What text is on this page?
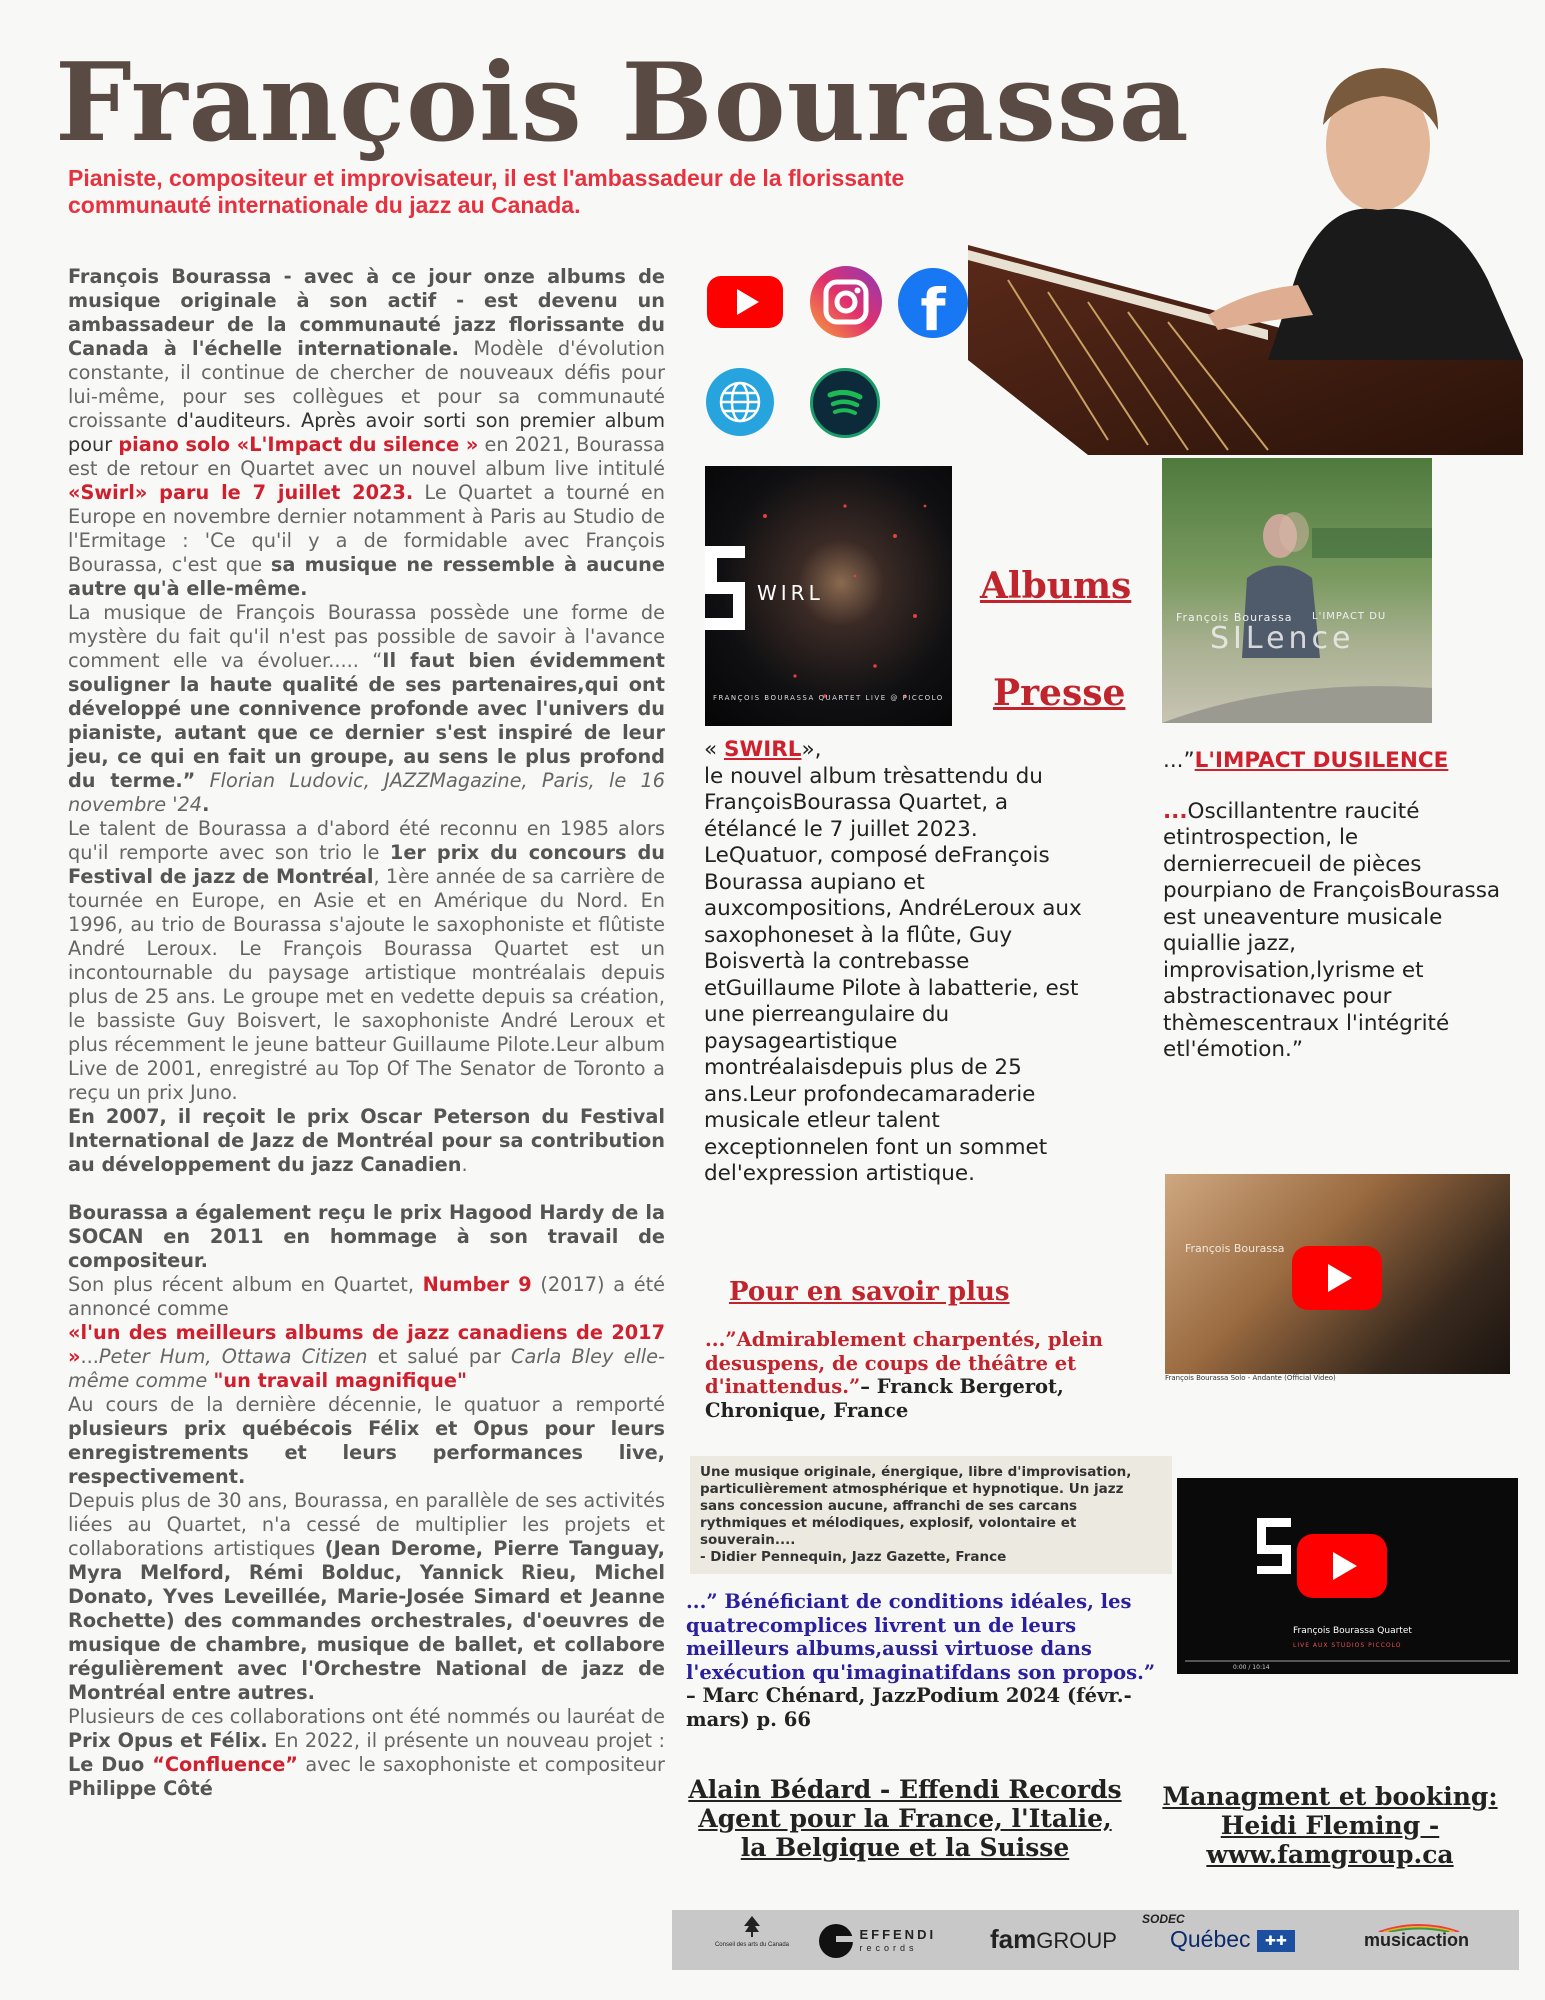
François Bourassa

Pianiste, compositeur et improvisateur, il est l'ambassadeur de la florissante communauté internationale du jazz au Canada.

François Bourassa - avec à ce jour onze albums de musique originale à son actif - est devenu un ambassadeur de la communauté jazz florissante du Canada à l'échelle internationale. Modèle d'évolution constante, il continue de chercher de nouveaux défis pour lui-même, pour ses collègues et pour sa communauté croissante d'auditeurs. Après avoir sorti son premier album pour piano solo «L'Impact du silence » en 2021, Bourassa est de retour en Quartet avec un nouvel album live intitulé «Swirl» paru le 7 juillet 2023. Le Quartet a tourné en Europe en novembre dernier notamment à Paris au Studio de l'Ermitage : 'Ce qu'il y a de formidable avec François Bourassa, c'est que sa musique ne ressemble à aucune autre qu'à elle-même.

La musique de François Bourassa possède une forme de mystère du fait qu'il n'est pas possible de savoir à l'avance comment elle va évoluer..... “Il faut bien évidemment souligner la haute qualité de ses partenaires,qui ont développé une connivence profonde avec l'univers du pianiste, autant que ce dernier s'est inspiré de leur jeu, ce qui en fait un groupe, au sens le plus profond du terme.” Florian Ludovic, JAZZMagazine, Paris, le 16 novembre '24.

Le talent de Bourassa a d'abord été reconnu en 1985 alors qu'il remporte avec son trio le 1er prix du concours du Festival de jazz de Montréal, 1ère année de sa carrière de tournée en Europe, en Asie et en Amérique du Nord. En 1996, au trio de Bourassa s'ajoute le saxophoniste et flûtiste André Leroux. Le François Bourassa Quartet est un incontournable du paysage artistique montréalais depuis plus de 25 ans. Le groupe met en vedette depuis sa création, le bassiste Guy Boisvert, le saxophoniste André Leroux et plus récemment le jeune batteur Guillaume Pilote.Leur album Live de 2001, enregistré au Top Of The Senator de Toronto a reçu un prix Juno.

En 2007, il reçoit le prix Oscar Peterson du Festival International de Jazz de Montréal pour sa contribution au développement du jazz Canadien.

Bourassa a également reçu le prix Hagood Hardy de la SOCAN en 2011 en hommage à son travail de compositeur.

Son plus récent album en Quartet, Number 9 (2017) a été annoncé comme

«l'un des meilleurs albums de jazz canadiens de 2017 »...Peter Hum, Ottawa Citizen et salué par Carla Bley elle-même comme "un travail magnifique"

Au cours de la dernière décennie, le quatuor a remporté plusieurs prix québécois Félix et Opus pour leurs enregistrements et leurs performances live, respectivement.

Depuis plus de 30 ans, Bourassa, en parallèle de ses activités liées au Quartet, n'a cessé de multiplier les projets et collaborations artistiques (Jean Derome, Pierre Tanguay, Myra Melford, Rémi Bolduc, Yannick Rieu, Michel Donato, Yves Leveillée, Marie-Josée Simard et Jeanne Rochette) des commandes orchestrales, d'oeuvres de musique de chambre, musique de ballet, et collabore régulièrement avec l'Orchestre National de jazz de Montréal entre autres.

Plusieurs de ces collaborations ont été nommés ou lauréat de Prix Opus et Félix. En 2022, il présente un nouveau projet : Le Duo “Confluence” avec le saxophoniste et compositeur Philippe Côté

f
WIRL
FRANÇOIS BOURASSA QUARTET LIVE @ PICCOLO
François Bourassa L'IMPACT DU
SILence
Albums
Presse
« SWIRL»,
le nouvel album trèsattendu du FrançoisBourassa Quartet, a étélancé le 7 juillet 2023. LeQuatuor, composé deFrançois Bourassa aupiano et auxcompositions, AndréLeroux aux saxophoneset à la flûte, Guy Boisvertà la contrebasse etGuillaume Pilote à labatterie, est une pierreangulaire du paysageartistique montréalaisdepuis plus de 25 ans.Leur profondecamaraderie musicale etleur talent exceptionnelen font un sommet del'expression artistique.
...”L'IMPACT DUSILENCE
...Oscillantentre raucité etintrospection, le dernierrecueil de pièces pourpiano de FrançoisBourassa est uneaventure musicale quiallie jazz, improvisation,lyrisme et abstractionavec pour thèmescentraux l'intégrité etl'émotion.”
Pour en savoir plus
...”Admirablement charpentés, plein desuspens, de coups de théâtre et d'inattendus.”– Franck Bergerot, Chronique, France
Une musique originale, énergique, libre d'improvisation, particulièrement atmosphérique et hypnotique. Un jazz sans concession aucune, affranchi de ses carcans rythmiques et mélodiques, explosif, volontaire et souverain....
- Didier Pennequin, Jazz Gazette, France
...” Bénéficiant de conditions idéales, les quatrecomplices livrent un de leurs meilleurs albums,aussi virtuose dans l'exécution qu'imaginatifdans son propos.”
– Marc Chénard, JazzPodium 2024 (févr.-mars) p. 66
François Bourassa
François Bourassa Solo - Andante (Official Video)
François Bourassa Quartet
LIVE AUX STUDIOS PICCOLO
0:00 / 10:14
Alain Bédard - Effendi Records Agent pour la France, l'Italie, la Belgique et la Suisse
Managment et booking: Heidi Fleming - www.famgroup.ca
Conseil des arts du Canada
EFFENDI
records	famGROUP
SODEC
Québec ✚✚	musicaction
